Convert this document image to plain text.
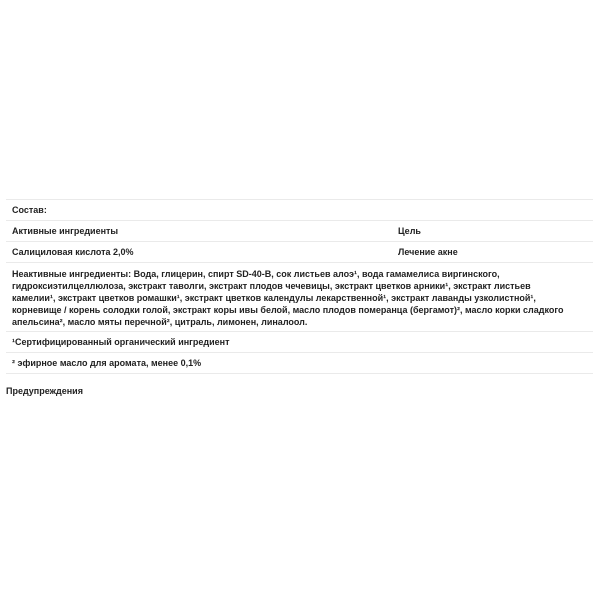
Состав:
Активные ингредиенты	Цель
Салициловая кислота 2,0%	Лечение акне
Неактивные ингредиенты: Вода, глицерин, спирт SD-40-B, сок листьев алоэ¹, вода гамамелиса виргинского, гидроксиэтилцеллюлоза, экстракт таволги, экстракт плодов чечевицы, экстракт цветков арники¹, экстракт листьев камелии¹, экстракт цветков ромашки¹, экстракт цветков календулы лекарственной¹, экстракт лаванды узколистной¹, корневище / корень солодки голой, экстракт коры ивы белой, масло плодов померанца (бергамот)², масло корки сладкого апельсина², масло мяты перечной², цитраль, лимонен, линалоол.
¹Сертифицированный органический ингредиент
² эфирное масло для аромата, менее 0,1%
Предупреждения
